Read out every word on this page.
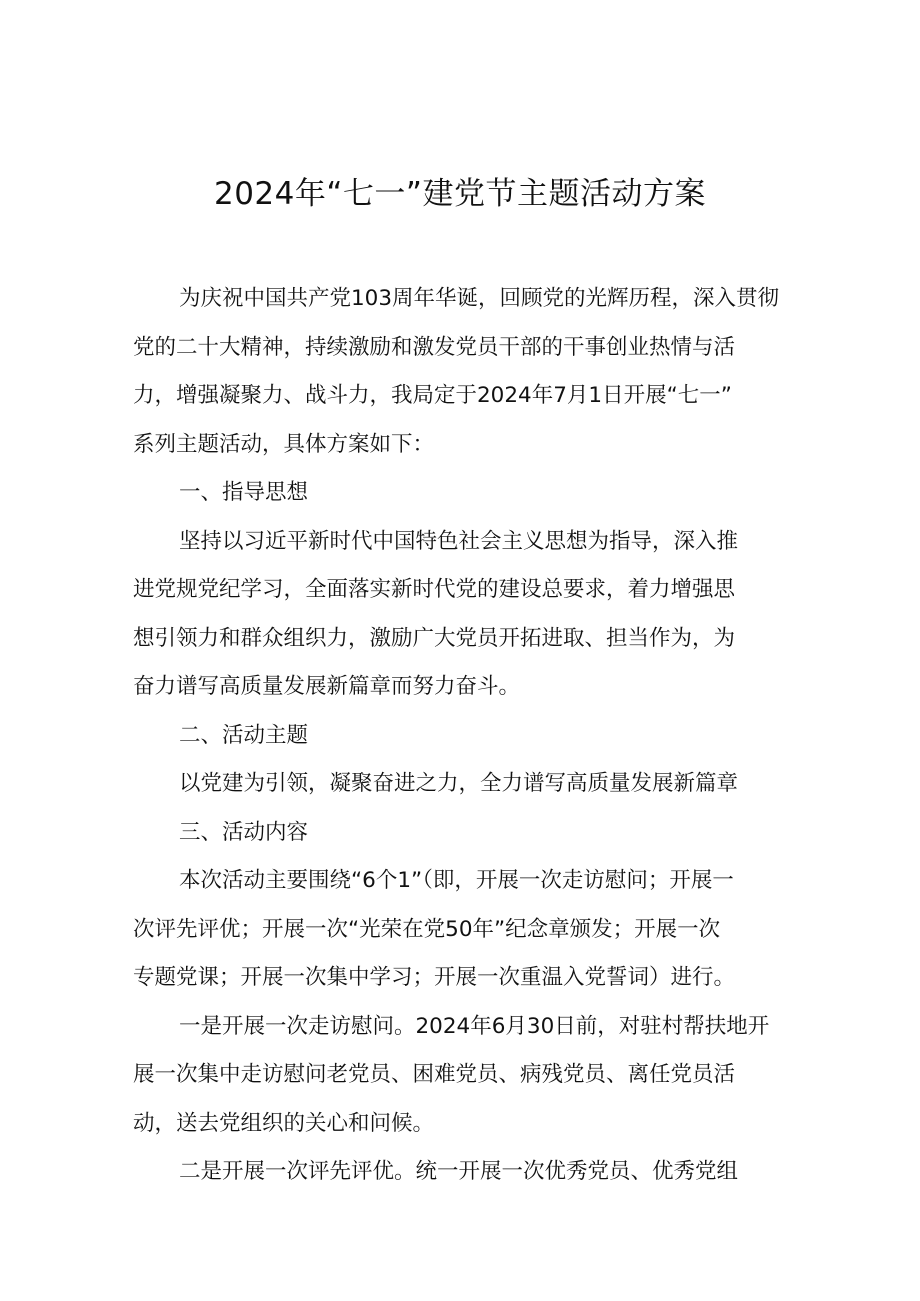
2024年“七一”建党节主题活动方案
为庆祝中国共产党103周年华诞，回顾党的光辉历程，深入贯彻
党的二十大精神，持续激励和激发党员干部的干事创业热情与活
力，增强凝聚力、战斗力，我局定于2024年7月1日开展“七一”
系列主题活动，具体方案如下：
一、指导思想
坚持以习近平新时代中国特色社会主义思想为指导，深入推
进党规党纪学习，全面落实新时代党的建设总要求，着力增强思
想引领力和群众组织力，激励广大党员开拓进取、担当作为，为
奋力谱写高质量发展新篇章而努力奋斗。
二、活动主题
以党建为引领，凝聚奋进之力，全力谱写高质量发展新篇章
三、活动内容
本次活动主要围绕“6个1”（即，开展一次走访慰问；开展一
次评先评优；开展一次“光荣在党50年”纪念章颁发；开展一次
专题党课；开展一次集中学习；开展一次重温入党誓词）进行。
一是开展一次走访慰问。2024年6月30日前，对驻村帮扶地开
展一次集中走访慰问老党员、困难党员、病残党员、离任党员活
动，送去党组织的关心和问候。
二是开展一次评先评优。统一开展一次优秀党员、优秀党组
